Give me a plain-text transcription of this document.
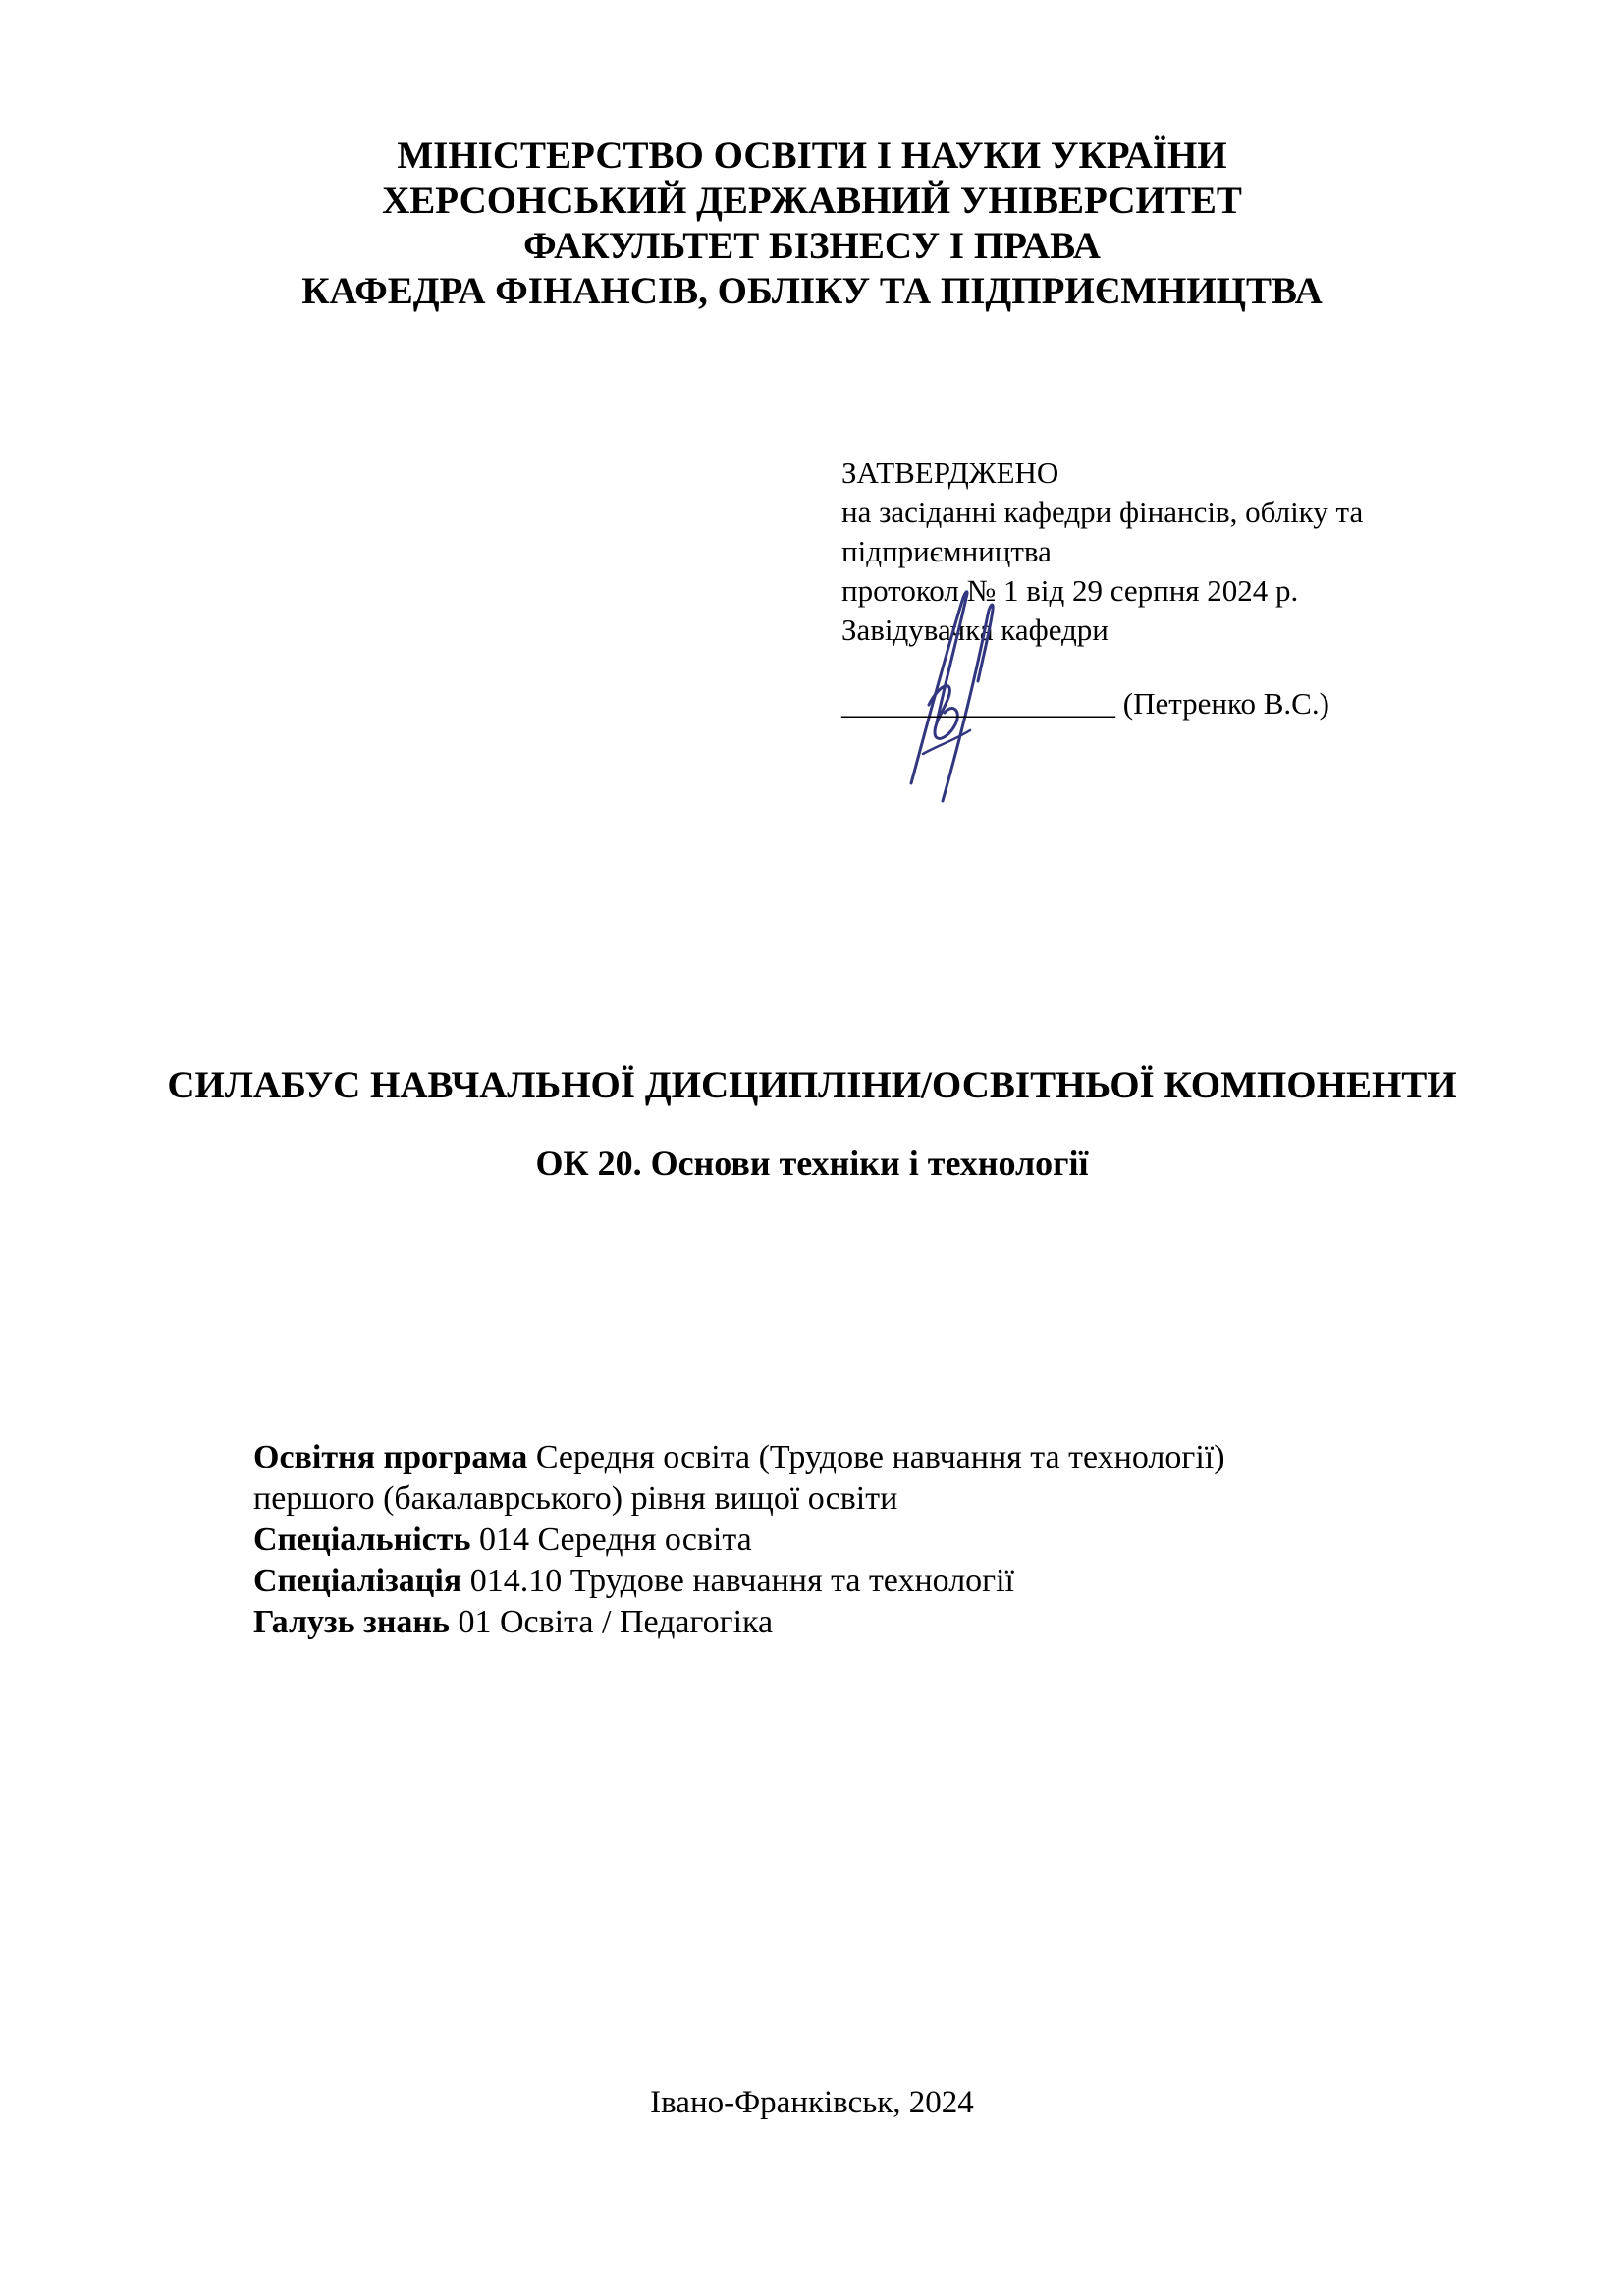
МІНІСТЕРСТВО ОСВІТИ І НАУКИ УКРАЇНИ
ХЕРСОНСЬКИЙ ДЕРЖАВНИЙ УНІВЕРСИТЕТ
ФАКУЛЬТЕТ БІЗНЕСУ І ПРАВА
КАФЕДРА ФІНАНСІВ, ОБЛІКУ ТА ПІДПРИЄМНИЦТВА
ЗАТВЕРДЖЕНО
на засіданні кафедри фінансів, обліку та
підприємництва
протокол № 1 від 29 серпня 2024 р.
Завідувачка кафедри
__________________ (Петренко В.С.)
СИЛАБУС НАВЧАЛЬНОЇ ДИСЦИПЛІНИ/ОСВІТНЬОЇ КОМПОНЕНТИ
ОК 20. Основи техніки і технології
Освітня програма Середня освіта (Трудове навчання та технології)
першого (бакалаврського) рівня вищої освіти
Спеціальність 014 Середня освіта
Спеціалізація 014.10 Трудове навчання та технології
Галузь знань 01 Освіта / Педагогіка
Івано-Франківськ, 2024
